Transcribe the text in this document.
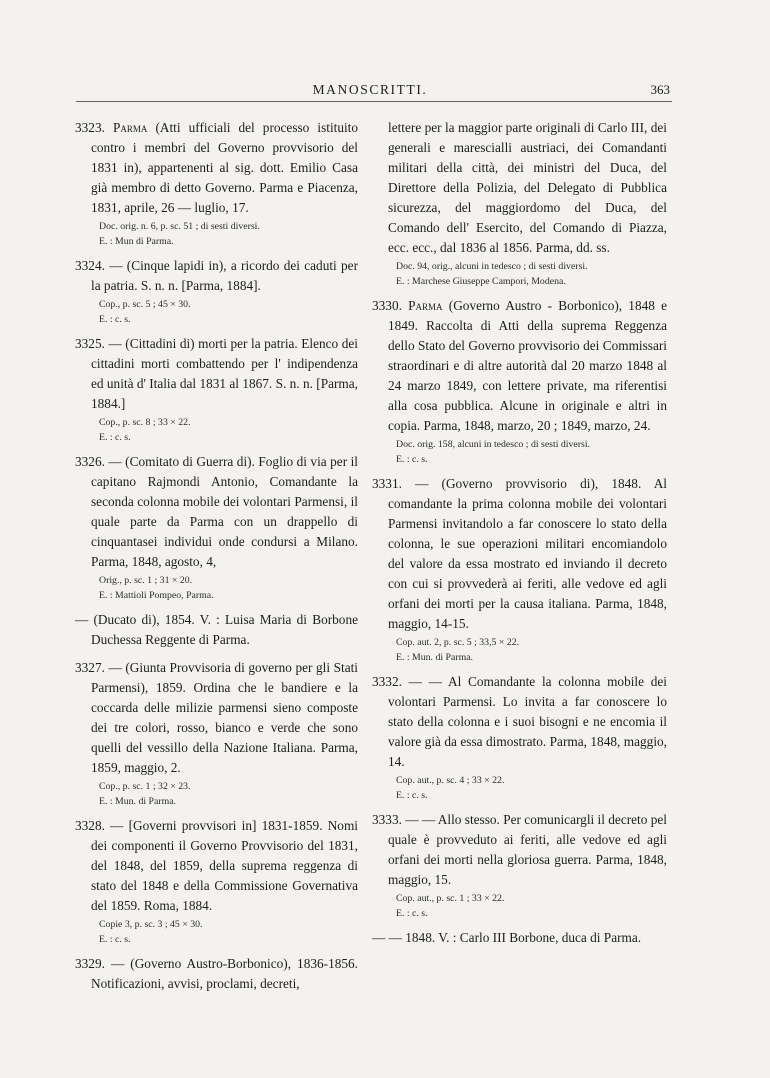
MANOSCRITTI.	363

3323. Parma (Atti ufficiali del processo istituito contro i membri del Governo provvisorio del 1831 in), appartenenti al sig. dott. Emilio Casa già membro di detto Governo. Parma e Piacenza, 1831, aprile, 26 — luglio, 17.

Doc. orig. n. 6, p. sc. 51 ; di sesti diversi.

E. : Mun di Parma.

3324. — (Cinque lapidi in), a ricordo dei caduti per la patria. S. n. n. [Parma, 1884].

Cop., p. sc. 5 ; 45 × 30.

E. : c. s.

3325. — (Cittadini di) morti per la patria. Elenco dei cittadini morti combattendo per l' indipendenza ed unità d' Italia dal 1831 al 1867. S. n. n. [Parma, 1884.]

Cop., p. sc. 8 ; 33 × 22.

E. : c. s.

3326. — (Comitato di Guerra di). Foglio di via per il capitano Rajmondi Antonio, Comandante la seconda colonna mobile dei volontari Parmensi, il quale parte da Parma con un drappello di cinquantasei individui onde condursi a Milano. Parma, 1848, agosto, 4,

Orig., p. sc. 1 ; 31 × 20.

E. : Mattioli Pompeo, Parma.

— (Ducato di), 1854. V. : Luisa Maria di Borbone Duchessa Reggente di Parma.

3327. — (Giunta Provvisoria di governo per gli Stati Parmensi), 1859. Ordina che le bandiere e la coccarda delle milizie parmensi sieno composte dei tre colori, rosso, bianco e verde che sono quelli del vessillo della Nazione Italiana. Parma, 1859, maggio, 2.

Cop., p. sc. 1 ; 32 × 23.

E. : Mun. di Parma.

3328. — [Governi provvisori in] 1831-1859. Nomi dei componenti il Governo Provvisorio del 1831, del 1848, del 1859, della suprema reggenza di stato del 1848 e della Commissione Governativa del 1859. Roma, 1884.

Copie 3, p. sc. 3 ; 45 × 30.

E. : c. s.

3329. — (Governo Austro-Borbonico), 1836-1856. Notificazioni, avvisi, proclami, decreti,

lettere per la maggior parte originali di Carlo III, dei generali e marescialli austriaci, dei Comandanti militari della città, dei ministri del Duca, del Direttore della Polizia, del Delegato di Pubblica sicurezza, del maggiordomo del Duca, del Comando dell' Esercito, del Comando di Piazza, ecc. ecc., dal 1836 al 1856. Parma, dd. ss.

Doc. 94, orig., alcuni in tedesco ; di sesti diversi.

E. : Marchese Giuseppe Campori, Modena.

3330. Parma (Governo Austro - Borbonico), 1848 e 1849. Raccolta di Atti della suprema Reggenza dello Stato del Governo provvisorio dei Commissari straordinari e di altre autorità dal 20 marzo 1848 al 24 marzo 1849, con lettere private, ma riferentisi alla cosa pubblica. Alcune in originale e altri in copia. Parma, 1848, marzo, 20 ; 1849, marzo, 24.

Doc. orig. 158, alcuni in tedesco ; di sesti diversi.

E. : c. s.

3331. — (Governo provvisorio di), 1848. Al comandante la prima colonna mobile dei volontari Parmensi invitandolo a far conoscere lo stato della colonna, le sue operazioni militari encomiandolo del valore da essa mostrato ed inviando il decreto con cui si provvederà ai feriti, alle vedove ed agli orfani dei morti per la causa italiana. Parma, 1848, maggio, 14-15.

Cop. aut. 2, p. sc. 5 ; 33,5 × 22.

E. : Mun. di Parma.

3332. — — Al Comandante la colonna mobile dei volontari Parmensi. Lo invita a far conoscere lo stato della colonna e i suoi bisogni e ne encomia il valore già da essa dimostrato. Parma, 1848, maggio, 14.

Cop. aut., p. sc. 4 ; 33 × 22.

E. : c. s.

3333. — — Allo stesso. Per comunicargli il decreto pel quale è provveduto ai feriti, alle vedove ed agli orfani dei morti nella gloriosa guerra. Parma, 1848, maggio, 15.

Cop. aut., p. sc. 1 ; 33 × 22.

E. : c. s.

— — 1848. V. : Carlo III Borbone, duca di Parma.
